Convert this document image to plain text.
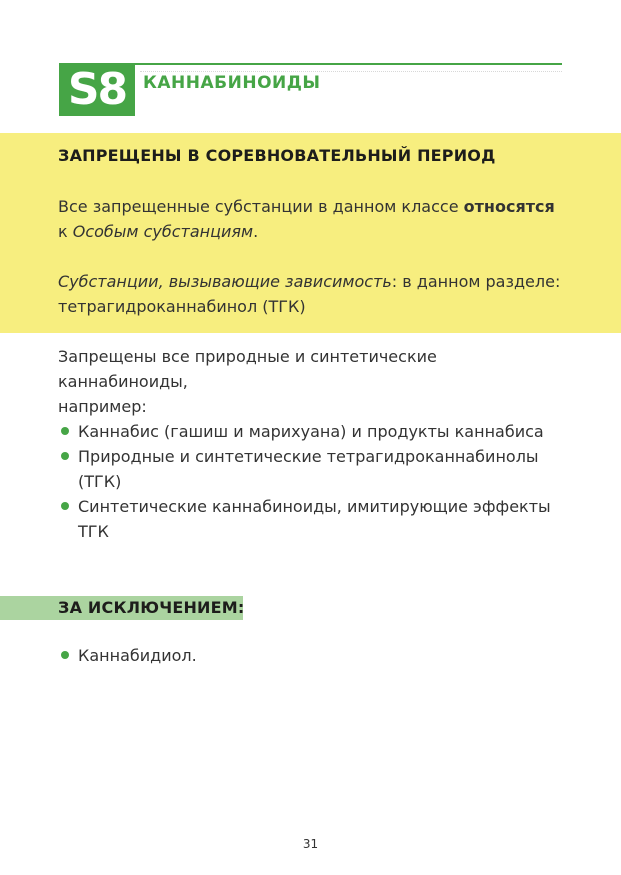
S8 КАННАБИНОИДЫ
ЗАПРЕЩЕНЫ В СОРЕВНОВАТЕЛЬНЫЙ ПЕРИОД
Все запрещенные субстанции в данном классе относятся
к Особым субстанциям.
Субстанции, вызывающие зависимость: в данном разделе:
тетрагидроканнабинол (ТГК)
Запрещены все природные и синтетические каннабиноиды,
например:
Каннабис (гашиш и марихуана) и продукты каннабиса
Природные и синтетические тетрагидроканнабинолы
(ТГК)
Синтетические каннабиноиды, имитирующие эффекты
ТГК
ЗА ИСКЛЮЧЕНИЕМ:
Каннабидиол.
31
